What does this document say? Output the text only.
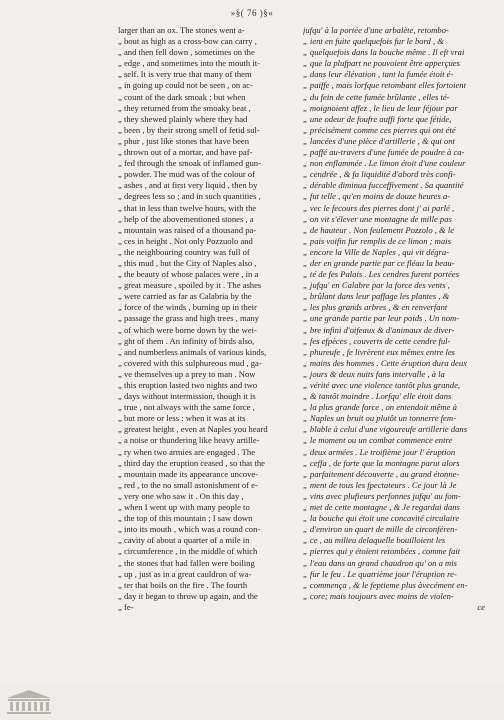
»§( 76 )§«
larger than an ox. The stones went a-
„ bout as high as a cross-bow can carry ,
„ and then fell down , sometimes on the
„ edge , and sometimes into the mouth it-
„ self. It is very true that many of them
„ in going up could not be seen , on ac-
„ count of the dark smoak ; but when
„ they returned from the smoaky beat ,
„ they shewed plainly where they had
„ been , by their strong smell of fetid sul-
„ phur , just like stones that have been
„ thrown out of a mortar, and have paf-
„ fed through the smoak of inflamed gun-
„ powder. The mud was of the colour of
„ ashes , and at first very liquid , then by
„ degrees less so ; and in such quantities ,
„ that in less than twelve hours, with the
„ help of the abovementioned stones , a
„ mountain was raised of a thousand pa-
„ ces in height . Not only Pozzuolo and
„ the neighbouring country was full of
„ this mud , but the City of Naples also ,
„ the beauty of whose palaces were , in a
„ great measure , spoiled by it . The ashes
„ were carried as far as Calabria by the
„ force of the winds , burning up in their
„ passage the grass and high trees , many
„ of which were borne down by the wei-
„ ght of them . An infinity of birds also,
„ and numberless animals of various kinds,
„ covered with this sulphureous mud , ga-
„ ve themselves up a prey to man . Now
„ this eruption lasted two nights and two
„ days without intermission, though it is
„ true , not always with the same force ,
„ but more or less : when it was at its
„ greatest height , even at Naples you heard
„ a noise or thundering like heavy artille-
„ ry when two armies are engaged . The
„ third day the eruption ceased , so that the
„ mountain made its appearance uncove-
„ red , to the no small astonishment of e-
„ very one who saw it . On this day ,
„ when I went up with many people to
„ the top of this mountain ; I saw down
„ into its mouth , which was a round con-
„ cavity of about a quarter of a mile in
„ circumference , in the middle of which
„ the stones that had fallen were boiling
„ up , just as in a great cauldron of wa-
„ ter that boils on the fire . The fourth
„ day it began to throw up again, and the
„ fe-
jufqu' à la portée d'une arbalète, retombo-
„ ient en fuite quelquefois fur le bord , &
„ quelquefois dans la bouche même . Il eft vrai
„ que la plufpart ne pouvoient être apperçues
„ dans leur élévation , tant la fumée étoit é-
„ paiffe , mais lorfque retombant elles fortoient
„ du fein de cette fumée brûlante , elles té-
„ moignoient affez , le lieu de leur féjour par
„ une odeur de foufre auffi forte que fétide,
„ précisément comme ces pierres qui ont été
„ lancées d'une pièce d'artillerie , & qui ont
„ paffé au-travers d'une fumée de poudre à ca-
„ non enflammée . Le limon étoit d'une couleur
„ cendrée , & fa liquidité d'abord très confi-
„ dérable diminua fucceffivement . Sa quantité
„ fut telle , qu'en moins de douze heures a-
„ vec le fecours des pierres dont j' ai parlé ,
„ on vit s'élever une montagne de mille pas
„ de hauteur . Non feulement Pozzolo , & le
„ pais voifin fur remplis de ce limon ; mais
„ encore la Ville de Naples , qui vit dégra-
„ der en grande partie par ce fléau la beau-
„ té de fes Palais . Les cendres furent portées
„ jufqu' en Calabre par la force des vents ,
„ brûlant dans leur paffage les plantes , &
„ les plus grands arbres , & en renverfant
„ une grande partie par leur poids . Un nom-
„ bre infini d'oifeaux & d'animaux de diver-
„ fes efpèces , couverts de cette cendre ful-
„ phureufe , fe livrèrent eux mêmes entre les
„ mains des hommes . Cette éruption dura deux
„ jours & deux nuits fans intervalle , à la
„ vérité avec une violence tantôt plus grande,
„ & tantôt moindre . Lorfqu' elle étoit dans
„ la plus grande force , on entendoit même à
„ Naples un bruit ou plutôt un tonnerre fem-
„ blable à celui d'une vigoureufe artillerie dans
„ le moment ou un combat commence entre
„ deux armées . Le troifième jour l' éruption
„ ceffa , de forte que la montagne parut alors
„ parfaitement découverte , au grand étonne-
„ ment de tous les fpectateurs . Ce jour là Je
„ vins avec plufieurs perfonnes jufqu' au fom-
„ met de cette montagne , & Je regardai dans
„ la bouche qui étoit une concavité circulaire
„ d'environ un quart de mille de circonféren-
„ ce , au milieu delaquelle bouilloient les
„ pierres qui y étoient retombées , comme fait
„ l'eau dans un grand chaudron qu' on a mis
„ fur le feu . Le quatrième jour l'éruption re-
„ commença , & le feptieme plus àvecément en-
„ core; mais toujours avec moins de violen-
ce
